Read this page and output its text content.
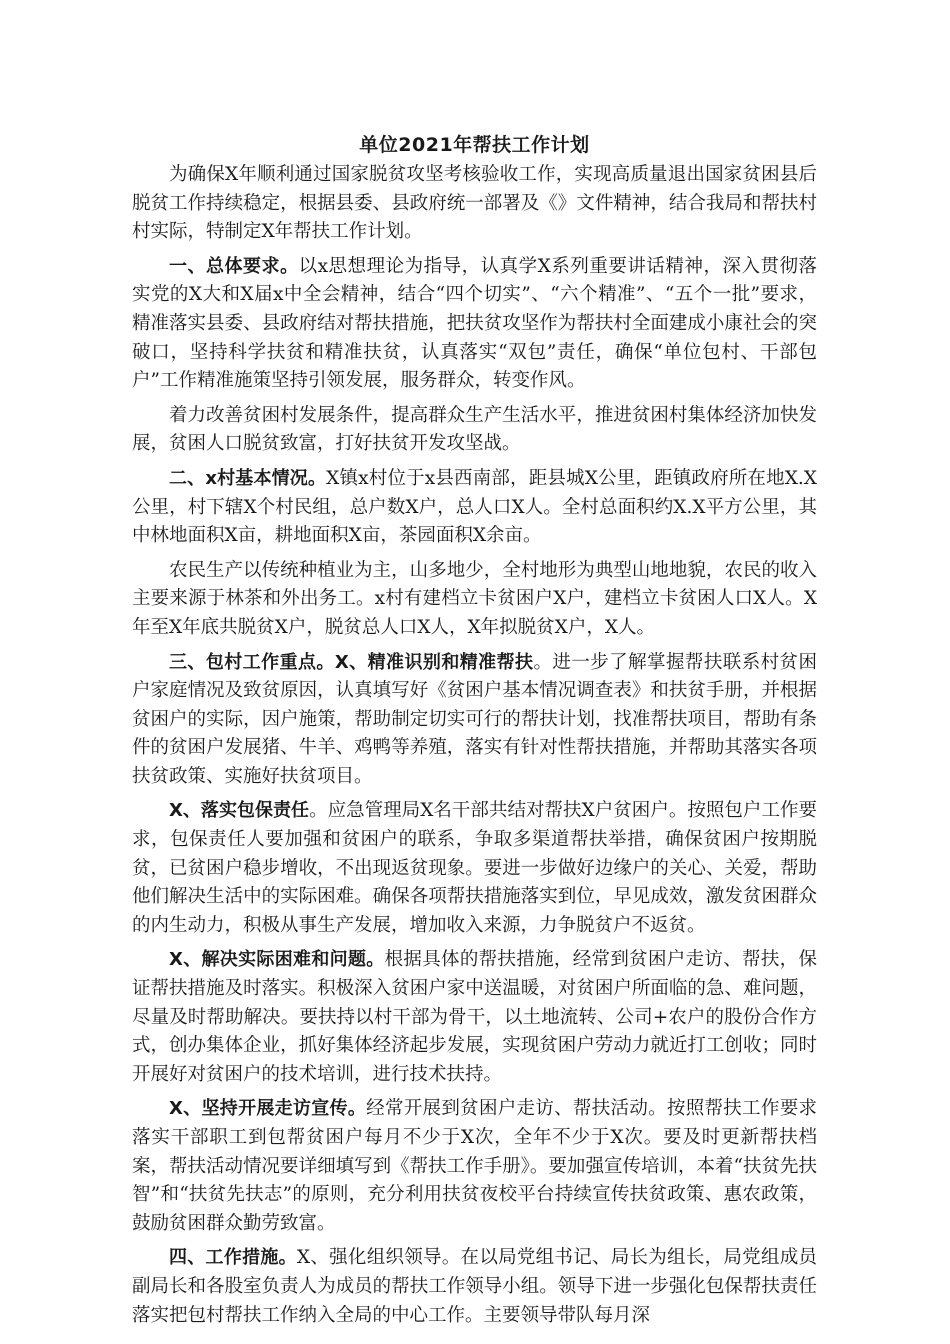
单位2021年帮扶工作计划

为确保X年顺利通过国家脱贫攻坚考核验收工作，实现高质量退出国家贫困县后脱贫工作持续稳定，根据县委、县政府统一部署及《》文件精神，结合我局和帮扶村村实际，特制定X年帮扶工作计划。

一、总体要求。以x思想理论为指导，认真学X系列重要讲话精神，深入贯彻落实党的X大和X届x中全会精神，结合“四个切实”、“六个精准”、“五个一批”要求，精准落实县委、县政府结对帮扶措施，把扶贫攻坚作为帮扶村全面建成小康社会的突破口，坚持科学扶贫和精准扶贫，认真落实“双包”责任，确保“单位包村、干部包户”工作精准施策坚持引领发展，服务群众，转变作风。

着力改善贫困村发展条件，提高群众生产生活水平，推进贫困村集体经济加快发展，贫困人口脱贫致富，打好扶贫开发攻坚战。

二、x村基本情况。X镇x村位于x县西南部，距县城X公里，距镇政府所在地X.X公里，村下辖X个村民组，总户数X户，总人口X人。全村总面积约X.X平方公里，其中林地面积X亩，耕地面积X亩，茶园面积X余亩。

农民生产以传统种植业为主，山多地少，全村地形为典型山地地貌，农民的收入主要来源于林茶和外出务工。x村有建档立卡贫困户X户，建档立卡贫困人口X人。X年至X年底共脱贫X户，脱贫总人口X人，X年拟脱贫X户，X人。

三、包村工作重点。X、精准识别和精准帮扶。进一步了解掌握帮扶联系村贫困户家庭情况及致贫原因，认真填写好《贫困户基本情况调查表》和扶贫手册，并根据贫困户的实际，因户施策，帮助制定切实可行的帮扶计划，找准帮扶项目，帮助有条件的贫困户发展猪、牛羊、鸡鸭等养殖，落实有针对性帮扶措施，并帮助其落实各项扶贫政策、实施好扶贫项目。

X、落实包保责任。应急管理局X名干部共结对帮扶X户贫困户。按照包户工作要求，包保责任人要加强和贫困户的联系，争取多渠道帮扶举措，确保贫困户按期脱贫，已贫困户稳步增收，不出现返贫现象。要进一步做好边缘户的关心、关爱，帮助他们解决生活中的实际困难。确保各项帮扶措施落实到位，早见成效，激发贫困群众的内生动力，积极从事生产发展，增加收入来源，力争脱贫户不返贫。

X、解决实际困难和问题。根据具体的帮扶措施，经常到贫困户走访、帮扶，保证帮扶措施及时落实。积极深入贫困户家中送温暖，对贫困户所面临的急、难问题，尽量及时帮助解决。要扶持以村干部为骨干，以土地流转、公司+农户的股份合作方式，创办集体企业，抓好集体经济起步发展，实现贫困户劳动力就近打工创收；同时开展好对贫困户的技术培训，进行技术扶持。

X、坚持开展走访宣传。经常开展到贫困户走访、帮扶活动。按照帮扶工作要求落实干部职工到包帮贫困户每月不少于X次，全年不少于X次。要及时更新帮扶档案，帮扶活动情况要详细填写到《帮扶工作手册》。要加强宣传培训，本着“扶贫先扶智”和“扶贫先扶志”的原则，充分利用扶贫夜校平台持续宣传扶贫政策、惠农政策，鼓励贫困群众勤劳致富。

四、工作措施。X、强化组织领导。在以局党组书记、局长为组长，局党组成员副局长和各股室负责人为成员的帮扶工作领导小组。领导下进一步强化包保帮扶责任落实把包村帮扶工作纳入全局的中心工作。主要领导带队每月深
